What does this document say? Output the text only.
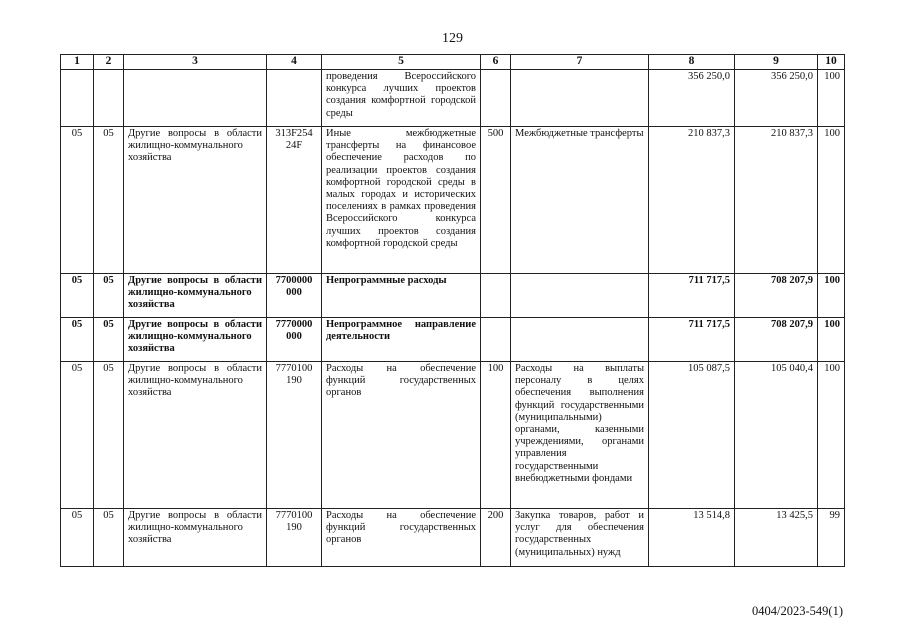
129
1	2	3	4	5	6	7	8	9	10
				проведения Всероссийского конкурса лучших проектов создания комфортной городской среды			356 250,0	356 250,0	100
05	05	Другие вопросы в области жилищно-коммунального хозяйства	313F254 24F	Иные межбюджетные трансферты на финансовое обеспечение расходов по реализации проектов создания комфортной городской среды в малых городах и исторических поселениях в рамках проведения Всероссийского конкурса лучших проектов создания комфортной городской среды	500	Межбюджетные трансферты	210 837,3	210 837,3	100
05	05	Другие вопросы в области жилищно-коммунального хозяйства	7700000 000	Непрограммные расходы			711 717,5	708 207,9	100
05	05	Другие вопросы в области жилищно-коммунального хозяйства	7770000 000	Непрограммное направление деятельности			711 717,5	708 207,9	100
05	05	Другие вопросы в области жилищно-коммунального хозяйства	7770100 190	Расходы на обеспечение функций государственных органов	100	Расходы на выплаты персоналу в целях обеспечения выполнения функций государственными (муниципальными) органами, казенными учреждениями, органами управления государственными внебюджетными фондами	105 087,5	105 040,4	100
05	05	Другие вопросы в области жилищно-коммунального хозяйства	7770100 190	Расходы на обеспечение функций государственных органов	200	Закупка товаров, работ и услуг для обеспечения государственных (муниципальных) нужд	13 514,8	13 425,5	99
0404/2023-549(1)
